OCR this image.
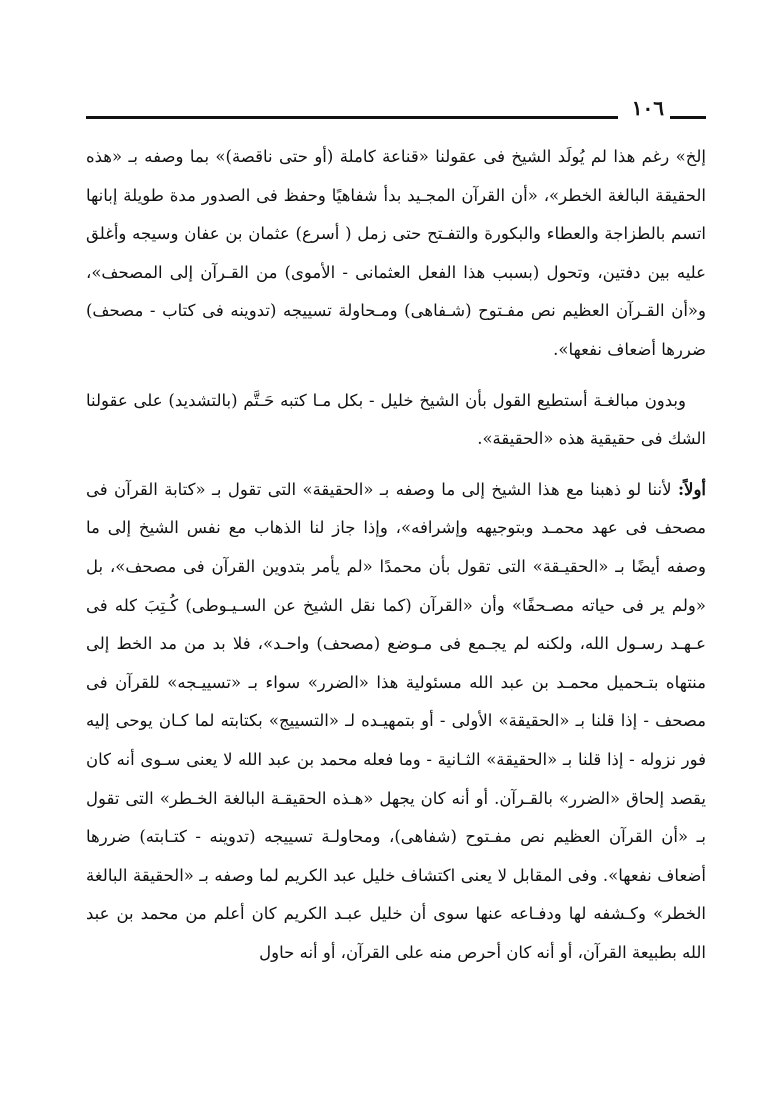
١٠٦

إلخ» رغم هذا لم يُولَد الشيخ فى عقولنا «قناعة كاملة (أو حتى ناقصة)» بما وصفه بـ «هذه الحقيقة البالغة الخطر»، «أن القرآن المجـيد بدأ شفاهيًا وحفظ فى الصدور مدة طويلة إبانها اتسم بالطزاجة والعطاء والبكورة والتفـتح حتى زمل ( أسرع) عثمان بن عفان وسيجه وأغلق عليه بين دفتين، وتحول (بسبب هذا الفعل العثمانى - الأموى) من القـرآن إلى المصحف»، و«أن القـرآن العظيم نص مفـتوح (شـفاهى) ومـحاولة تسييجه (تدوينه فى كتاب - مصحف) ضررها أضعاف نفعها».

وبدون مبالغـة أستطيع القول بأن الشيخ خليل - بكل مـا كتبه حَـتَّم (بالتشديد) على عقولنا الشك فى حقيقية هذه «الحقيقة».

أولاً: لأننا لو ذهبنا مع هذا الشيخ إلى ما وصفه بـ «الحقيقة» التى تقول بـ «كتابة القرآن فى مصحف فى عهد محمـد وبتوجيهه وإشرافه»، وإذا جاز لنا الذهاب مع نفس الشيخ إلى ما وصفه أيضًا بـ «الحقيـقة» التى تقول بأن محمدًا «لم يأمر بتدوين القرآن فى مصحف»، بل «ولم ير فى حياته مصـحفًا» وأن «القرآن (كما نقل الشيخ عن السـيـوطى) كُـتِبَ كله فى عـهـد رسـول الله، ولكنه لم يجـمع فى مـوضع (مصحف) واحـد»، فلا بد من مد الخط إلى منتهاه بتـحميل محمـد بن عبد الله مسئولية هذا «الضرر» سواء بـ «تسييـجه» للقرآن فى مصحف - إذا قلنا بـ «الحقيقة» الأولى - أو بتمهيـده لـ «التسييج» بكتابته لما كـان يوحى إليه فور نزوله - إذا قلنا بـ «الحقيقة» الثـانية - وما فعله محمد بن عبد الله لا يعنى سـوى أنه كان يقصد إلحاق «الضرر» بالقـرآن. أو أنه كان يجهل «هـذه الحقيقـة البالغة الخـطر» التى تقول بـ «أن القرآن العظيم نص مفـتوح (شفاهى)، ومحاولـة تسييجه (تدوينه - كتـابته) ضررها أضعاف نفعها». وفى المقابل لا يعنى اكتشاف خليل عبد الكريم لما وصفه بـ «الحقيقة البالغة الخطر» وكـشفه لها ودفـاعه عنها سوى أن خليل عبـد الكريم كان أعلم من محمد بن عبد الله بطبيعة القرآن، أو أنه كان أحرص منه على القرآن، أو أنه حاول
